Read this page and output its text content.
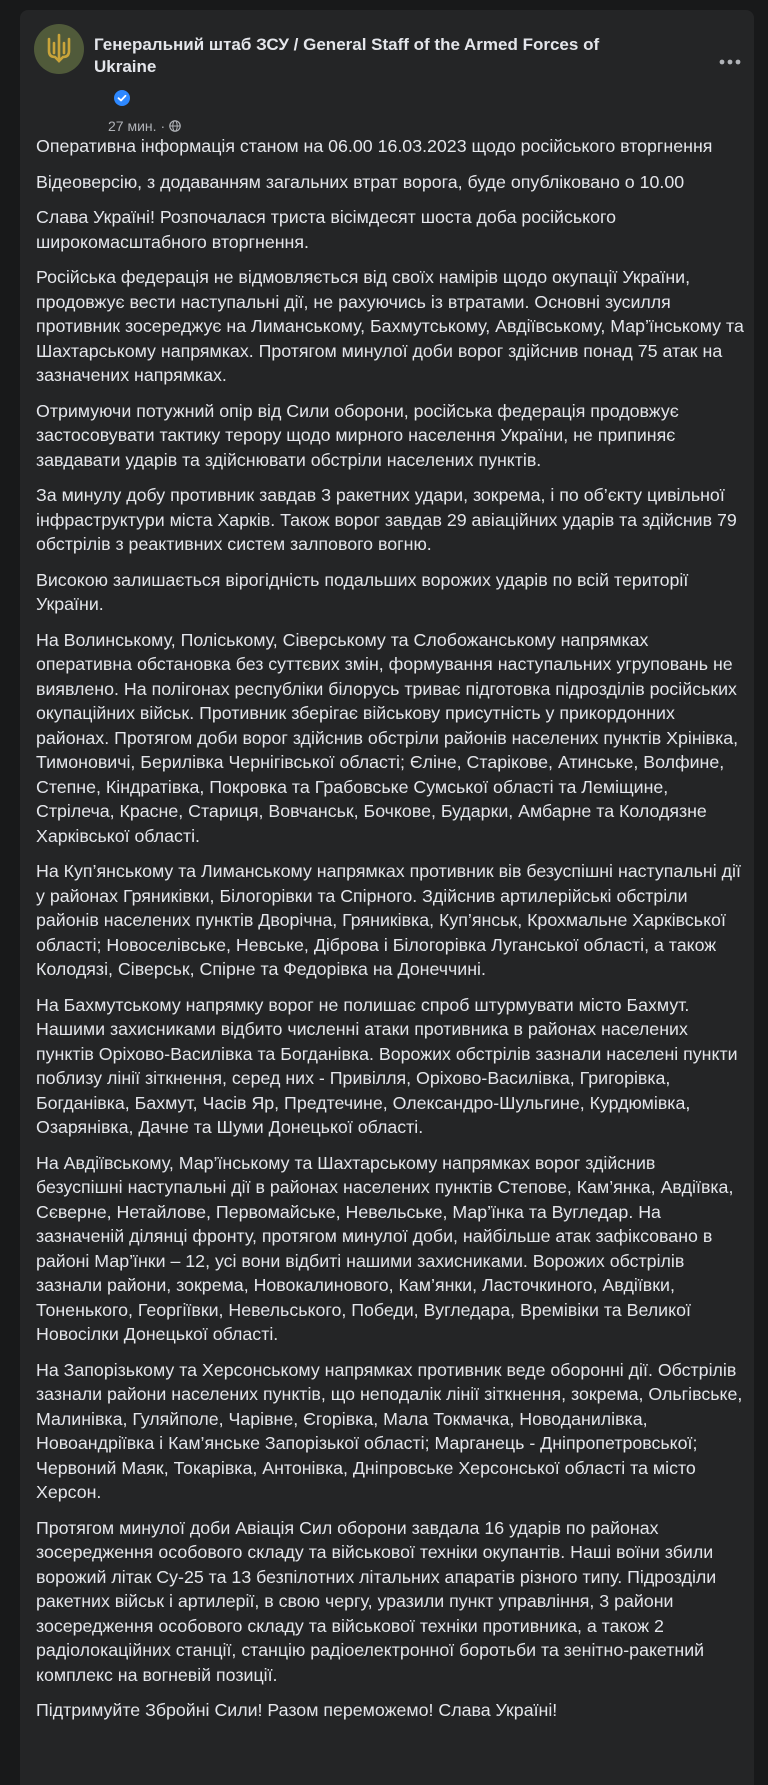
Генеральний штаб ЗСУ / General Staff of the Armed Forces of Ukraine
27 мин. ·

Оперативна інформація станом на 06.00 16.03.2023 щодо російського вторгнення

Відеоверсію, з додаванням загальних втрат ворога, буде опубліковано о 10.00

Слава Україні! Розпочалася триста вісімдесят шоста доба російського широкомасштабного вторгнення.

Російська федерація не відмовляється від своїх намірів щодо окупації України, продовжує вести наступальні дії, не рахуючись із втратами. Основні зусилля противник зосереджує на Лиманському, Бахмутському, Авдіївському, Мар’їнському та Шахтарському напрямках. Протягом минулої доби ворог здійснив понад 75 атак на зазначених напрямках.

Отримуючи потужний опір від Сили оборони, російська федерація продовжує застосовувати тактику терору щодо мирного населення України, не припиняє завдавати ударів та здійснювати обстріли населених пунктів.

За минулу добу противник завдав 3 ракетних удари, зокрема, і по об’єкту цивільної інфраструктури міста Харків. Також ворог завдав 29 авіаційних ударів та здійснив 79 обстрілів з реактивних систем залпового вогню.

Високою залишається вірогідність подальших ворожих ударів по всій території України.

На Волинському, Поліському, Сіверському та Слобожанському напрямках оперативна обстановка без суттєвих змін, формування наступальних угруповань не виявлено. На полігонах республіки білорусь триває підготовка підрозділів російських окупаційних військ. Противник зберігає військову присутність у прикордонних районах. Протягом доби ворог здійснив обстріли районів населених пунктів Хрінівка, Тимоновичі, Берилівка Чернігівської області; Єліне, Старікове, Атинське, Волфине, Степне, Кіндратівка, Покровка та Грабовське Сумської області та Леміщине, Стрілеча, Красне, Стариця, Вовчанськ, Бочкове, Бударки, Амбарне та Колодязне Харківської області.

На Куп’янському та Лиманському напрямках противник вів безуспішні наступальні дії у районах Гряниківки, Білогорівки та Спірного. Здійснив артилерійські обстріли районів населених пунктів Дворічна, Гряниківка, Куп’янськ, Крохмальне Харківської області; Новоселівське, Невське, Діброва і Білогорівка Луганської області, а також Колодязі, Сіверськ, Спірне та Федорівка на Донеччині.

На Бахмутському напрямку ворог не полишає спроб штурмувати місто Бахмут. Нашими захисниками відбито численні атаки противника в районах населених пунктів Оріхово-Василівка та Богданівка. Ворожих обстрілів зазнали населені пункти поблизу лінії зіткнення, серед них - Привілля, Оріхово-Василівка, Григорівка, Богданівка, Бахмут, Часів Яр, Предтечине, Олександро-Шульгине, Курдюмівка, Озарянівка, Дачне та Шуми Донецької області.

На Авдіївському, Мар’їнському та Шахтарському напрямках ворог здійснив безуспішні наступальні дії в районах населених пунктів Степове, Кам’янка, Авдіївка, Сєверне, Нетайлове, Первомайське, Невельське, Мар’їнка та Вугледар. На зазначеній ділянці фронту, протягом минулої доби, найбільше атак зафіксовано в районі Мар’їнки – 12, усі вони відбиті нашими захисниками. Ворожих обстрілів зазнали райони, зокрема, Новокалинового, Кам’янки, Ласточкиного, Авдіївки, Тоненького, Георгіївки, Невельського, Победи, Вугледара, Времівіки та Великої Новосілки Донецької області.

На Запорізькому та Херсонському напрямках противник веде оборонні дії. Обстрілів зазнали райони населених пунктів, що неподалік лінії зіткнення, зокрема, Ольгівське, Малинівка, Гуляйполе, Чарівне, Єгорівка, Мала Токмачка, Новоданилівка, Новоандріївка і Кам’янське Запорізької області; Марганець - Дніпропетровської; Червоний Маяк, Токарівка, Антонівка, Дніпровське Херсонської області та місто Херсон.

Протягом минулої доби Авіація Сил оборони завдала 16 ударів по районах зосередження особового складу та військової техніки окупантів. Наші воїни збили ворожий літак Су-25 та 13 безпілотних літальних апаратів різного типу. Підрозділи ракетних військ і артилерії, в свою чергу, уразили пункт управління, 3 райони зосередження особового складу та військової техніки противника, а також 2 радіолокаційних станції, станцію радіоелектронної боротьби та зенітно-ракетний комплекс на вогневій позиції.

Підтримуйте Збройні Сили! Разом переможемо! Слава Україні!
